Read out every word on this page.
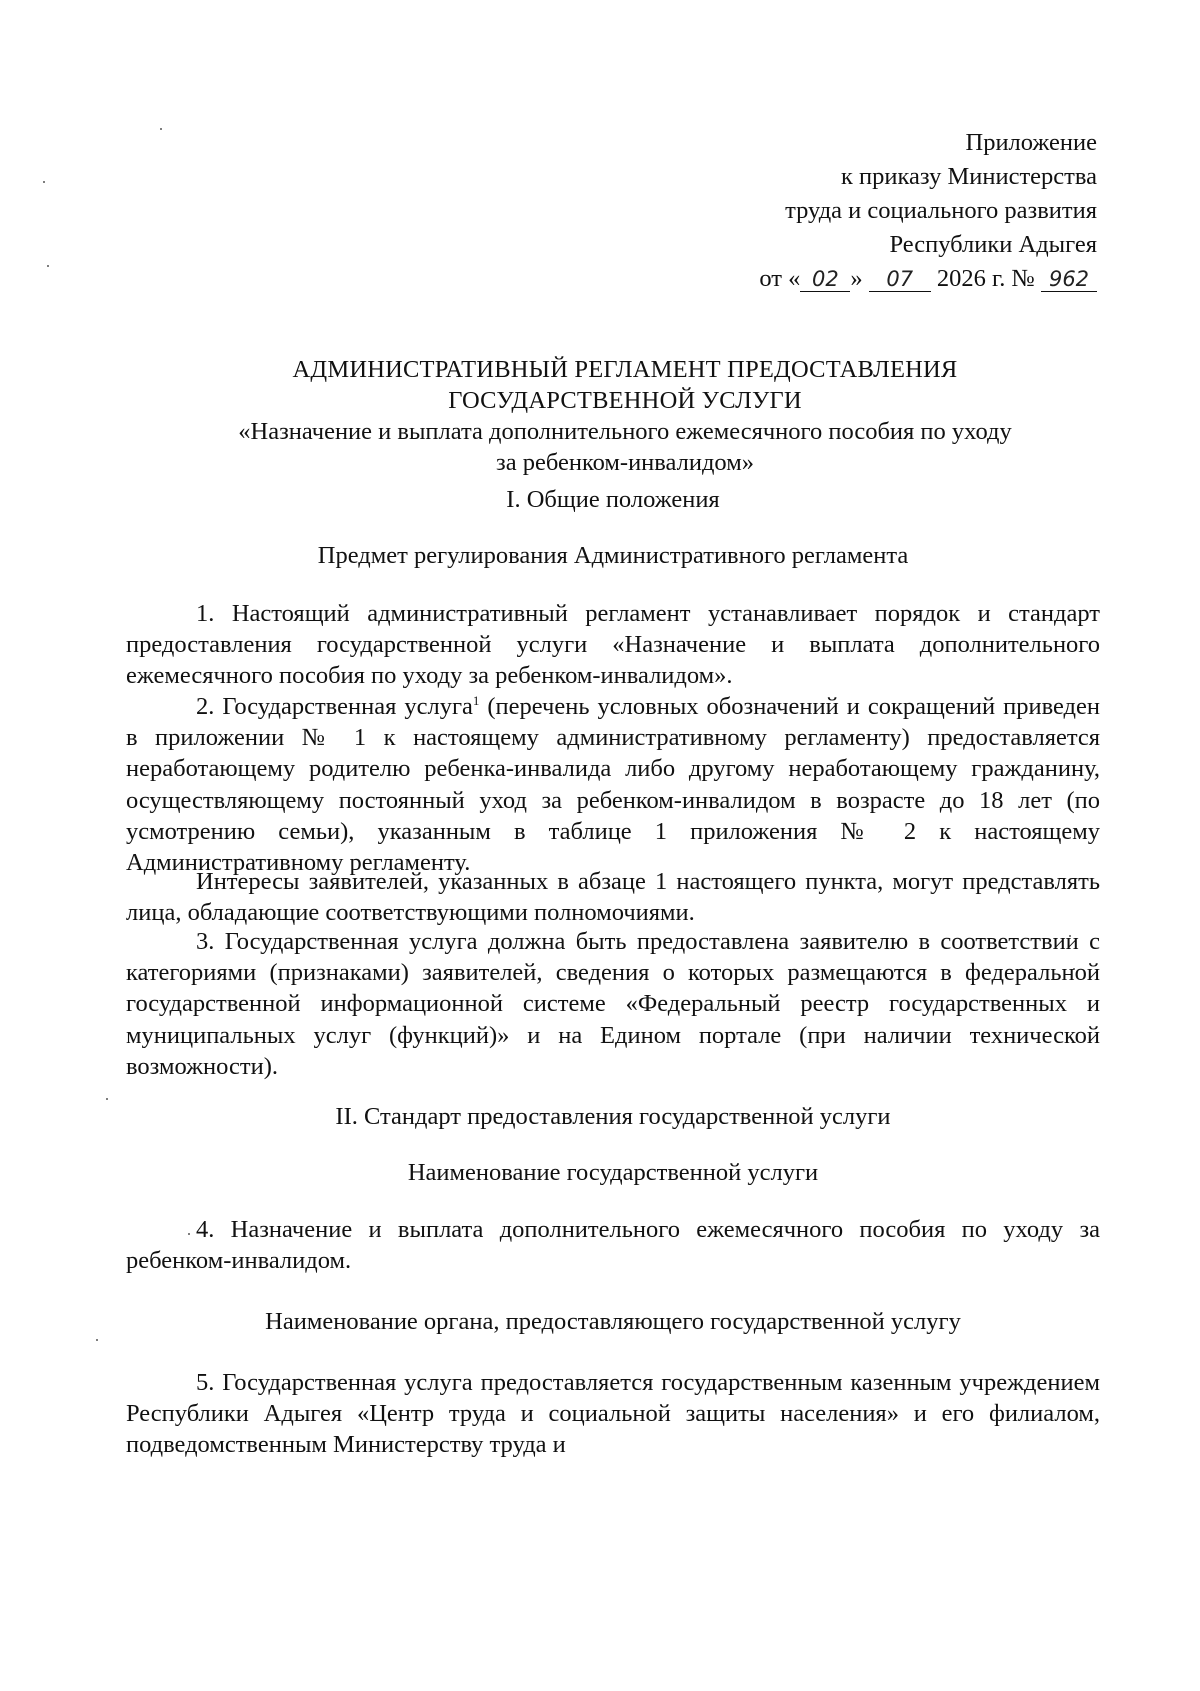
Приложение
к приказу Министерства
труда и социального развития
Республики Адыгея
от « 02 » 07 2026 г. № 962
АДМИНИСТРАТИВНЫЙ РЕГЛАМЕНТ ПРЕДОСТАВЛЕНИЯ
ГОСУДАРСТВЕННОЙ УСЛУГИ
«Назначение и выплата дополнительного ежемесячного пособия по уходу
за ребенком-инвалидом»
I. Общие положения
Предмет регулирования Административного регламента
1. Настоящий административный регламент устанавливает порядок и стандарт предоставления государственной услуги «Назначение и выплата дополнительного ежемесячного пособия по уходу за ребенком-инвалидом».
2. Государственная услуга$^1$ (перечень условных обозначений и сокращений приведен в приложении № 1 к настоящему административному регламенту) предоставляется неработающему родителю ребенка-инвалида либо другому неработающему гражданину, осуществляющему постоянный уход за ребенком-инвалидом в возрасте до 18 лет (по усмотрению семьи), указанным в таблице 1 приложения № 2 к настоящему Административному регламенту.
Интересы заявителей, указанных в абзаце 1 настоящего пункта, могут представлять лица, обладающие соответствующими полномочиями.
3. Государственная услуга должна быть предоставлена заявителю в соответствии с категориями (признаками) заявителей, сведения о которых размещаются в федеральной государственной информационной системе «Федеральный реестр государственных и муниципальных услуг (функций)» и на Едином портале (при наличии технической возможности).
II. Стандарт предоставления государственной услуги
Наименование государственной услуги
4. Назначение и выплата дополнительного ежемесячного пособия по уходу за ребенком-инвалидом.
Наименование органа, предоставляющего государственной услугу
5. Государственная услуга предоставляется государственным казенным учреждением Республики Адыгея «Центр труда и социальной защиты населения» и его филиалом, подведомственным Министерству труда и
